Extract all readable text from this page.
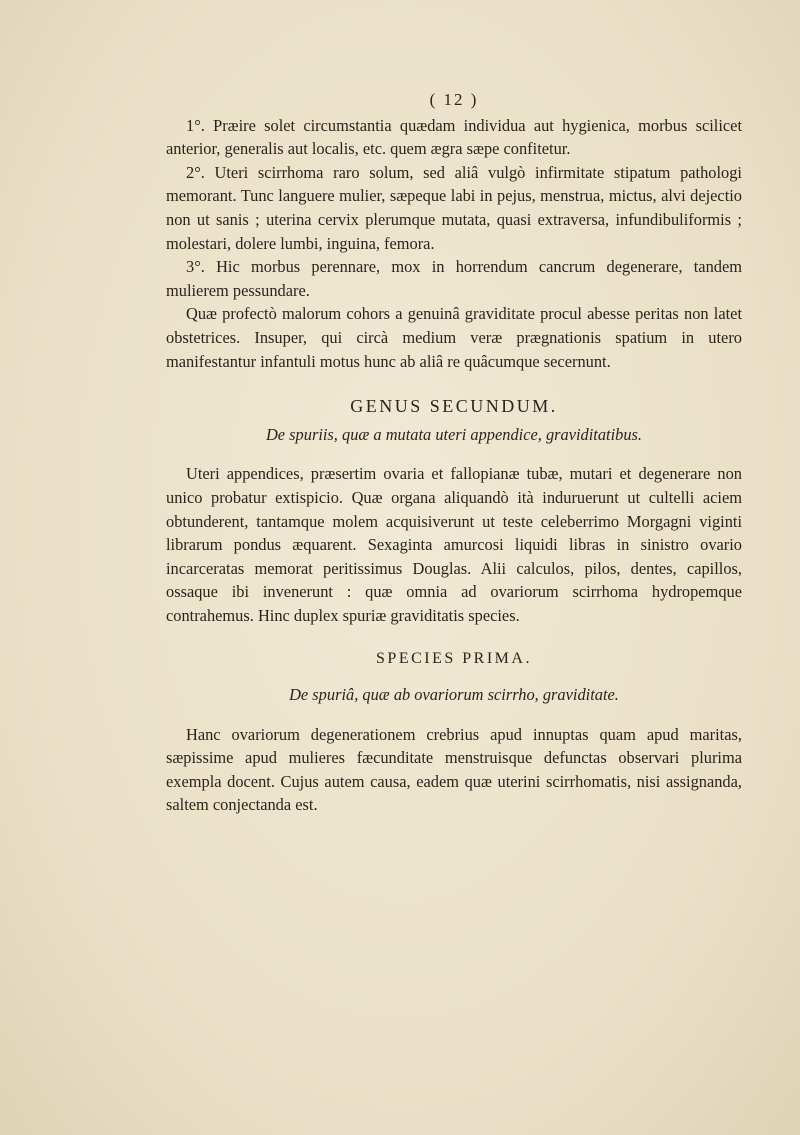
( 12 )

1°. Præire solet circumstantia quædam individua aut hygienica, morbus scilicet anterior, generalis aut localis, etc. quem ægra sæpe confitetur.

2°. Uteri scirrhoma raro solum, sed aliâ vulgò infirmitate stipatum pathologi memorant. Tunc languere mulier, sæpeque labi in pejus, menstrua, mictus, alvi dejectio non ut sanis ; uterina cervix plerumque mutata, quasi extraversa, infundibuliformis ; molestari, dolere lumbi, inguina, femora.

3°. Hic morbus perennare, mox in horrendum cancrum degenerare, tandem mulierem pessundare.

Quæ profectò malorum cohors a genuinâ graviditate procul abesse peritas non latet obstetrices. Insuper, qui circà medium veræ prægnationis spatium in utero manifestantur infantuli motus hunc ab aliâ re quâcumque secernunt.

GENUS SECUNDUM.
De spuriis, quæ a mutata uteri appendice, graviditatibus.

Uteri appendices, præsertim ovaria et fallopianæ tubæ, mutari et degenerare non unico probatur extispicio. Quæ organa aliquandò ità induruerunt ut cultelli aciem obtunderent, tantamque molem acquisiverunt ut teste celeberrimo Morgagni viginti librarum pondus æquarent. Sexaginta amurcosi liquidi libras in sinistro ovario incarceratas memorat peritissimus Douglas. Alii calculos, pilos, dentes, capillos, ossaque ibi invenerunt : quæ omnia ad ovariorum scirrhoma hydropemque contrahemus. Hinc duplex spuriæ graviditatis species.

SPECIES PRIMA.
De spuriâ, quæ ab ovariorum scirrho, graviditate.

Hanc ovariorum degenerationem crebrius apud innuptas quam apud maritas, sæpissime apud mulieres fæcunditate menstruisque defunctas observari plurima exempla docent. Cujus autem causa, eadem quæ uterini scirrhomatis, nisi assignanda, saltem conjectanda est.
